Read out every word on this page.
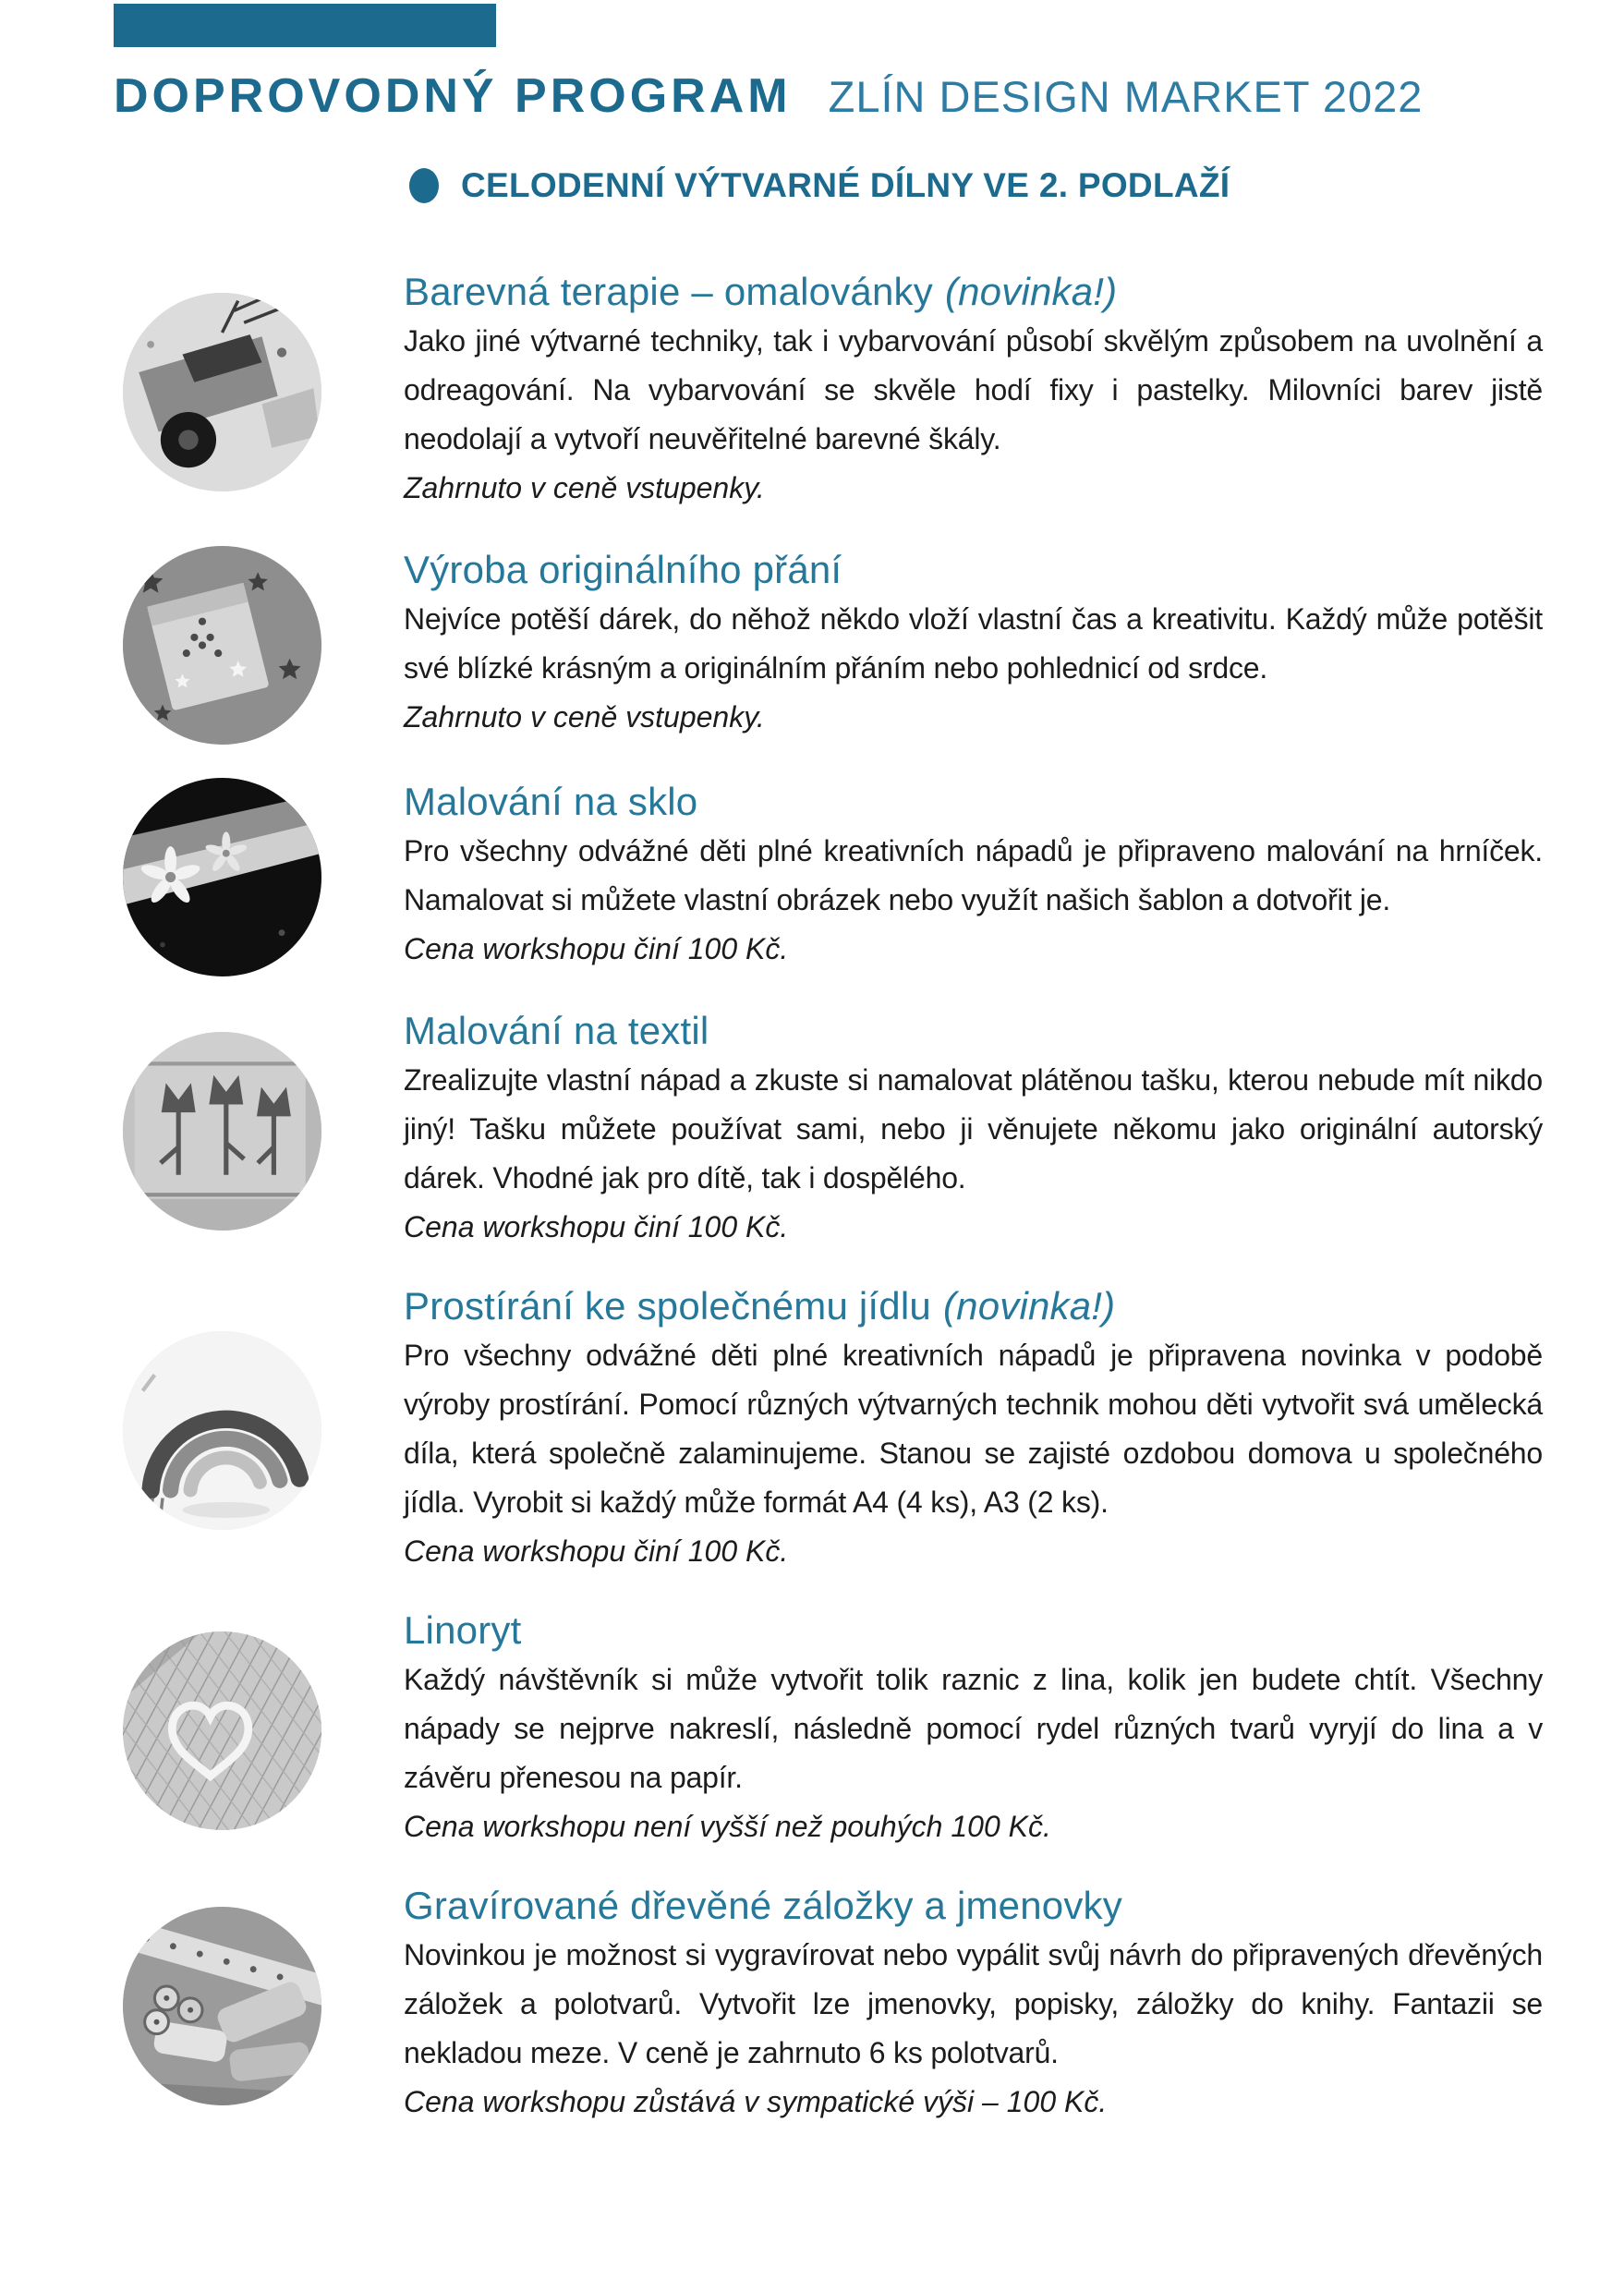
DOPROVODNÝ PROGRAM ZLÍN DESIGN MARKET 2022
CELODENNÍ VÝTVARNÉ DÍLNY VE 2. PODLAŽÍ
Barevná terapie – omalovánky (novinka!)

Jako jiné výtvarné techniky, tak i vybarvování působí skvělým způsobem na uvolnění a odreagování. Na vybarvování se skvěle hodí fixy i pastelky. Milovníci barev jistě neodolají a vytvoří neuvěřitelné barevné škály.

Zahrnuto v ceně vstupenky.

Výroba originálního přání

Nejvíce potěší dárek, do něhož někdo vloží vlastní čas a kreativitu. Každý může potěšit své blízké krásným a originálním přáním nebo pohlednicí od srdce.

Zahrnuto v ceně vstupenky.

Malování na sklo

Pro všechny odvážné děti plné kreativních nápadů je připraveno malování na hrníček. Namalovat si můžete vlastní obrázek nebo využít našich šablon a dotvořit je.

Cena workshopu činí 100 Kč.

Malování na textil

Zrealizujte vlastní nápad a zkuste si namalovat plátěnou tašku, kterou nebude mít nikdo jiný! Tašku můžete používat sami, nebo ji věnujete někomu jako originální autorský dárek. Vhodné jak pro dítě, tak i dospělého.

Cena workshopu činí 100 Kč.

Prostírání ke společnému jídlu (novinka!)

Pro všechny odvážné děti plné kreativních nápadů je připravena novinka v podobě výroby prostírání. Pomocí různých výtvarných technik mohou děti vytvořit svá umělecká díla, která společně zalaminujeme. Stanou se zajisté ozdobou domova u společného jídla. Vyrobit si každý může formát A4 (4 ks), A3 (2 ks).

Cena workshopu činí 100 Kč.

Linoryt

Každý návštěvník si může vytvořit tolik raznic z lina, kolik jen budete chtít. Všechny nápady se nejprve nakreslí, následně pomocí rydel různých tvarů vyryjí do lina a v závěru přenesou na papír.

Cena workshopu není vyšší než pouhých 100 Kč.

Gravírované dřevěné záložky a jmenovky

Novinkou je možnost si vygravírovat nebo vypálit svůj návrh do připravených dřevěných záložek a polotvarů. Vytvořit lze jmenovky, popisky, záložky do knihy. Fantazii se nekladou meze. V ceně je zahrnuto 6 ks polotvarů.

Cena workshopu zůstává v sympatické výši – 100 Kč.
